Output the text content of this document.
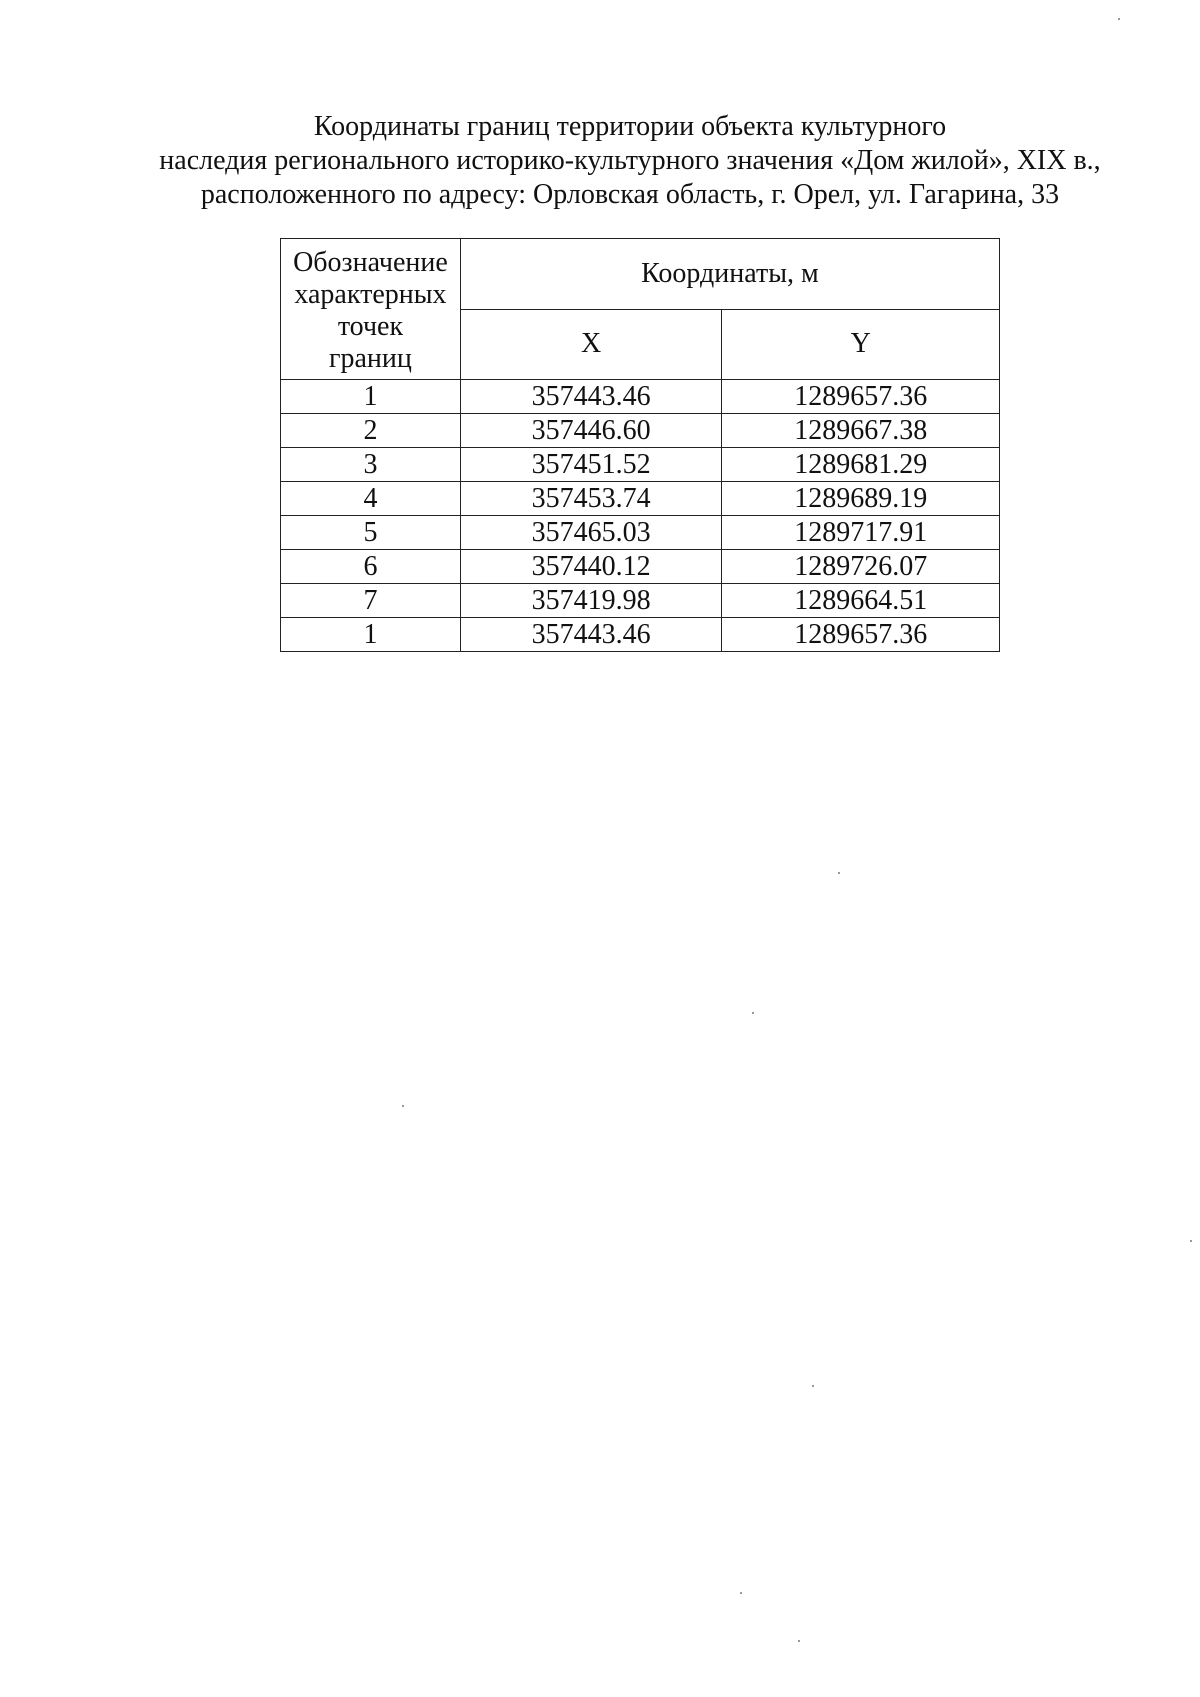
Координаты границ территории объекта культурного
наследия регионального историко-культурного значения «Дом жилой», XIX в.,
расположенного по адресу: Орловская область, г. Орел, ул. Гагарина, 33
Обозначение
характерных
точек
границ	Координаты, м	
	X	Y
1	357443.46	1289657.36
2	357446.60	1289667.38
3	357451.52	1289681.29
4	357453.74	1289689.19
5	357465.03	1289717.91
6	357440.12	1289726.07
7	357419.98	1289664.51
1	357443.46	1289657.36
